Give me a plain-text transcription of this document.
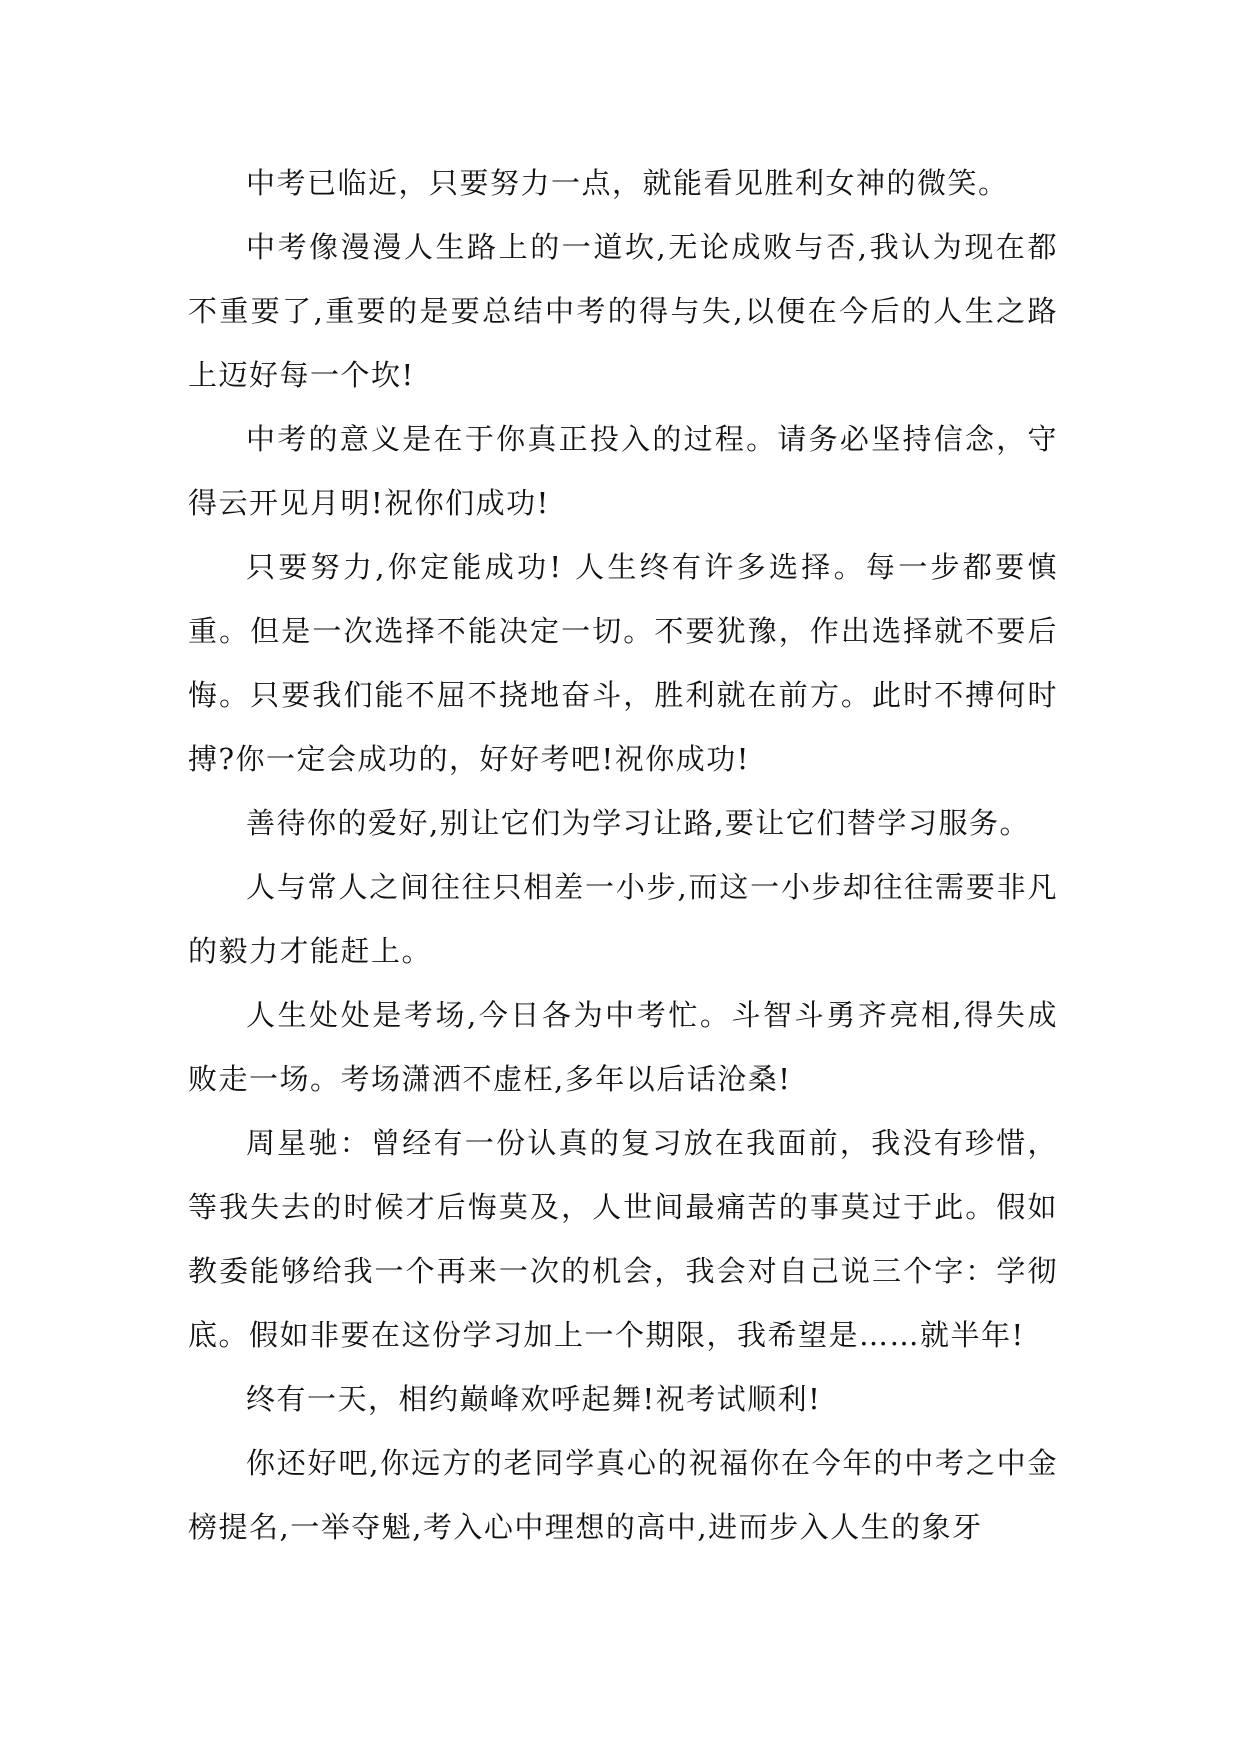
中考已临近，只要努力一点，就能看见胜利女神的微笑。

中考像漫漫人生路上的一道坎,无论成败与否,我认为现在都不重要了,重要的是要总结中考的得与失,以便在今后的人生之路上迈好每一个坎!

中考的意义是在于你真正投入的过程。请务必坚持信念，守得云开见月明!祝你们成功!

只要努力,你定能成功! 人生终有许多选择。每一步都要慎重。但是一次选择不能决定一切。不要犹豫，作出选择就不要后悔。只要我们能不屈不挠地奋斗，胜利就在前方。此时不搏何时搏?你一定会成功的，好好考吧!祝你成功!

善待你的爱好,别让它们为学习让路,要让它们替学习服务。

人与常人之间往往只相差一小步,而这一小步却往往需要非凡的毅力才能赶上。

人生处处是考场,今日各为中考忙。斗智斗勇齐亮相,得失成败走一场。考场潇洒不虚枉,多年以后话沧桑!

周星驰：曾经有一份认真的复习放在我面前，我没有珍惜，等我失去的时候才后悔莫及，人世间最痛苦的事莫过于此。假如教委能够给我一个再来一次的机会，我会对自己说三个字：学彻底。假如非要在这份学习加上一个期限，我希望是……就半年!

终有一天，相约巅峰欢呼起舞!祝考试顺利!

你还好吧,你远方的老同学真心的祝福你在今年的中考之中金榜提名,一举夺魁,考入心中理想的高中,进而步入人生的象牙
